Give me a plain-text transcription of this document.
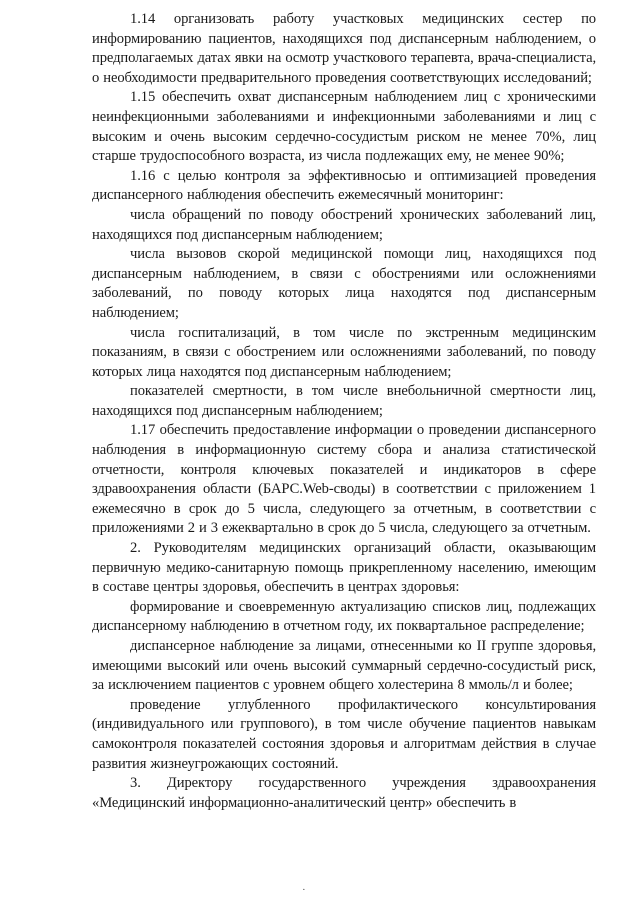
1.14 организовать работу участковых медицинских сестер по информированию пациентов, находящихся под диспансерным наблюдением, о предполагаемых датах явки на осмотр участкового терапевта, врача-специалиста, о необходимости предварительного проведения соответствующих исследований;

1.15 обеспечить охват диспансерным наблюдением лиц с хроническими неинфекционными заболеваниями и инфекционными заболеваниями и лиц с высоким и очень высоким сердечно-сосудистым риском не менее 70%, лиц старше трудоспособного возраста, из числа подлежащих ему, не менее 90%;

1.16 с целью контроля за эффективносью и оптимизацией проведения диспансерного наблюдения обеспечить ежемесячный мониторинг:

числа обращений по поводу обострений хронических заболеваний лиц, находящихся под диспансерным наблюдением;

числа вызовов скорой медицинской помощи лиц, находящихся под диспансерным наблюдением, в связи с обострениями или осложнениями заболеваний, по поводу которых лица находятся под диспансерным наблюдением;

числа госпитализаций, в том числе по экстренным медицинским показаниям, в связи с обострением или осложнениями заболеваний, по поводу которых лица находятся под диспансерным наблюдением;

показателей смертности, в том числе внебольничной смертности лиц, находящихся под диспансерным наблюдением;

1.17 обеспечить предоставление информации о проведении диспансерного наблюдения в информационную систему сбора и анализа статистической отчетности, контроля ключевых показателей и индикаторов в сфере здравоохранения области (БАРС.Web-своды) в соответствии с приложением 1 ежемесячно в срок до 5 числа, следующего за отчетным, в соответствии с приложениями 2 и 3 ежеквартально в срок до 5 числа, следующего за отчетным.

2. Руководителям медицинских организаций области, оказывающим первичную медико-санитарную помощь прикрепленному населению, имеющим в составе центры здоровья, обеспечить в центрах здоровья:

формирование и своевременную актуализацию списков лиц, подлежащих диспансерному наблюдению в отчетном году, их поквартальное распределение;

диспансерное наблюдение за лицами, отнесенными ко II группе здоровья, имеющими высокий или очень высокий суммарный сердечно-сосудистый риск, за исключением пациентов с уровнем общего холестерина 8 ммоль/л и более;

проведение углубленного профилактического консультирования (индивидуального или группового), в том числе обучение пациентов навыкам самоконтроля показателей состояния здоровья и алгоритмам действия в случае развития жизнеугрожающих состояний.

3. Директору государственного учреждения здравоохранения «Медицинский информационно-аналитический центр» обеспечить в

·
